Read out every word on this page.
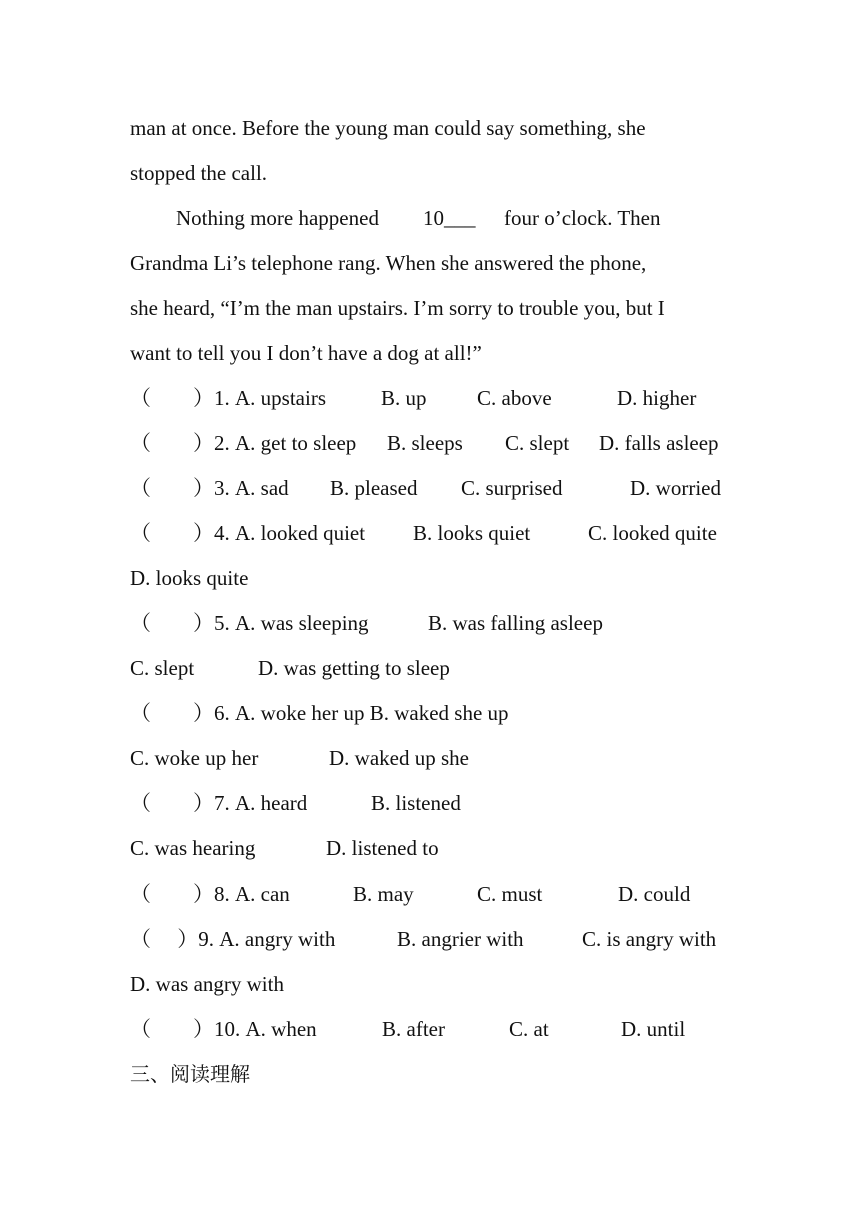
man at once. Before the young man could say something, she
stopped the call.
Nothing more happened 10___ four o’clock. Then
Grandma Li’s telephone rang. When she answered the phone,
she heard, “I’m the man upstairs. I’m sorry to trouble you, but I
want to tell you I don’t have a dog at all!”
（　　）1. A. upstairs	B. up C. above	D. higher
（　　）2. A. get to sleep B. sleeps C. slept D. falls asleep
（　　）3. A. sad B. pleased C. surprised	D. worried
（　　）4. A. looked quiet B. looks quiet	C. looked quite
D. looks quite
（　　）5. A. was sleeping	B. was falling asleep
C. slept	D. was getting to sleep
（　　）6. A. woke her up B. waked she up
C. woke up her	D. waked up she
（　　）7. A. heard	B. listened
C. was hearing	D. listened to
（　　）8. A. can	B. may	C. must	D. could
（　 ）9. A. angry with	B. angrier with	C. is angry with
D. was angry with
（　　）10. A. when	B. after	C. at	D. until
三、阅读理解
